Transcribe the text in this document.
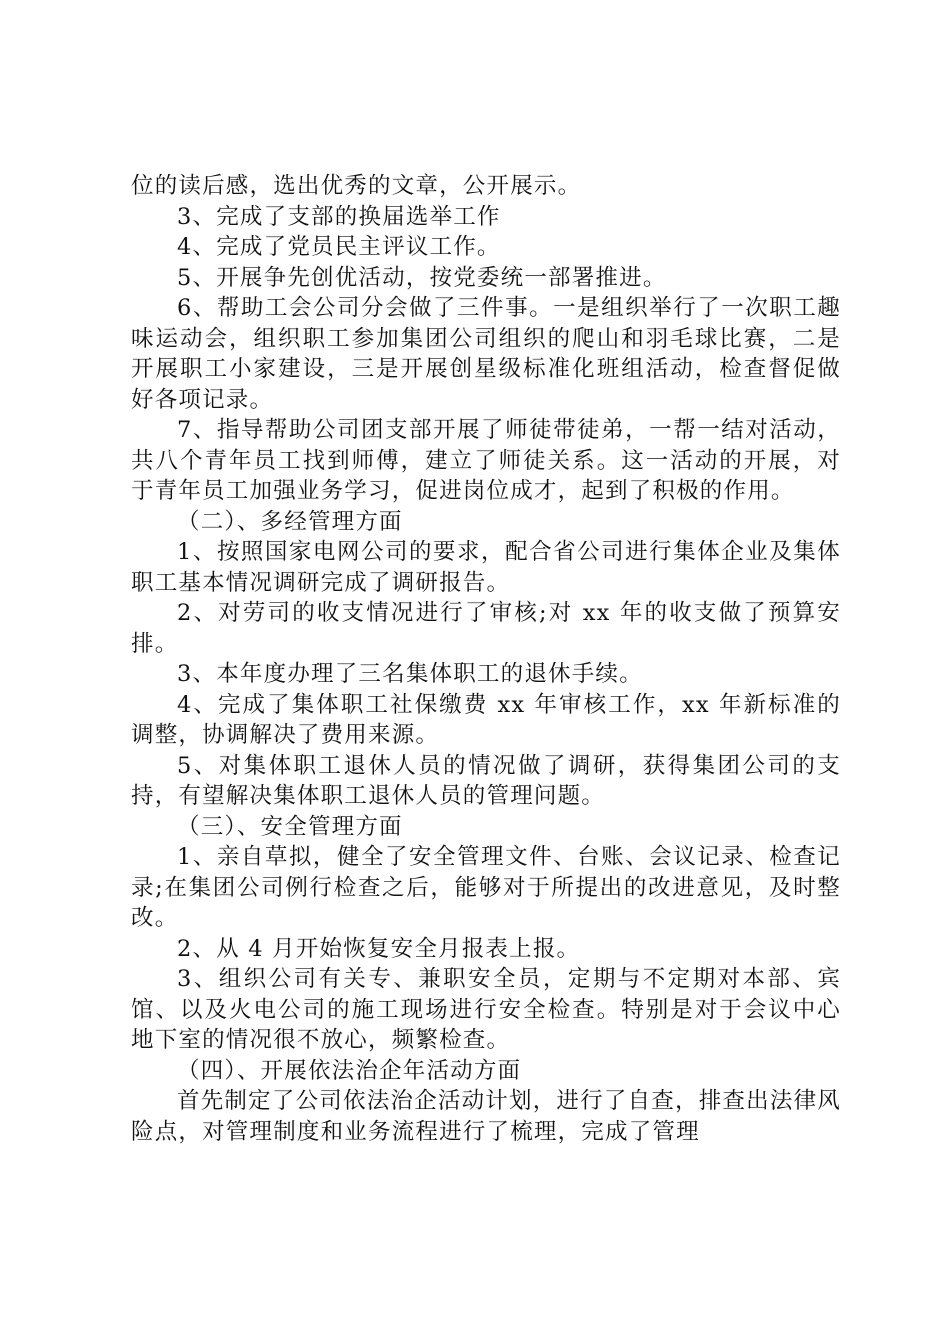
位的读后感，选出优秀的文章，公开展示。

3、完成了支部的换届选举工作

4、完成了党员民主评议工作。

5、开展争先创优活动，按党委统一部署推进。

6、帮助工会公司分会做了三件事。一是组织举行了一次职工趣味运动会，组织职工参加集团公司组织的爬山和羽毛球比赛，二是开展职工小家建设，三是开展创星级标准化班组活动，检查督促做好各项记录。

7、指导帮助公司团支部开展了师徒带徒弟，一帮一结对活动，共八个青年员工找到师傅，建立了师徒关系。这一活动的开展，对于青年员工加强业务学习，促进岗位成才，起到了积极的作用。

（二）、多经管理方面

1、按照国家电网公司的要求，配合省公司进行集体企业及集体职工基本情况调研完成了调研报告。

2、对劳司的收支情况进行了审核;对 xx 年的收支做了预算安排。

3、本年度办理了三名集体职工的退休手续。

4、完成了集体职工社保缴费 xx 年审核工作，xx 年新标准的调整，协调解决了费用来源。

5、对集体职工退休人员的情况做了调研，获得集团公司的支持，有望解决集体职工退休人员的管理问题。

（三）、安全管理方面

1、亲自草拟，健全了安全管理文件、台账、会议记录、检查记录;在集团公司例行检查之后，能够对于所提出的改进意见，及时整改。

2、从 4 月开始恢复安全月报表上报。

3、组织公司有关专、兼职安全员，定期与不定期对本部、宾馆、以及火电公司的施工现场进行安全检查。特别是对于会议中心地下室的情况很不放心，频繁检查。

（四）、开展依法治企年活动方面

首先制定了公司依法治企活动计划，进行了自查，排查出法律风险点，对管理制度和业务流程进行了梳理，完成了管理
